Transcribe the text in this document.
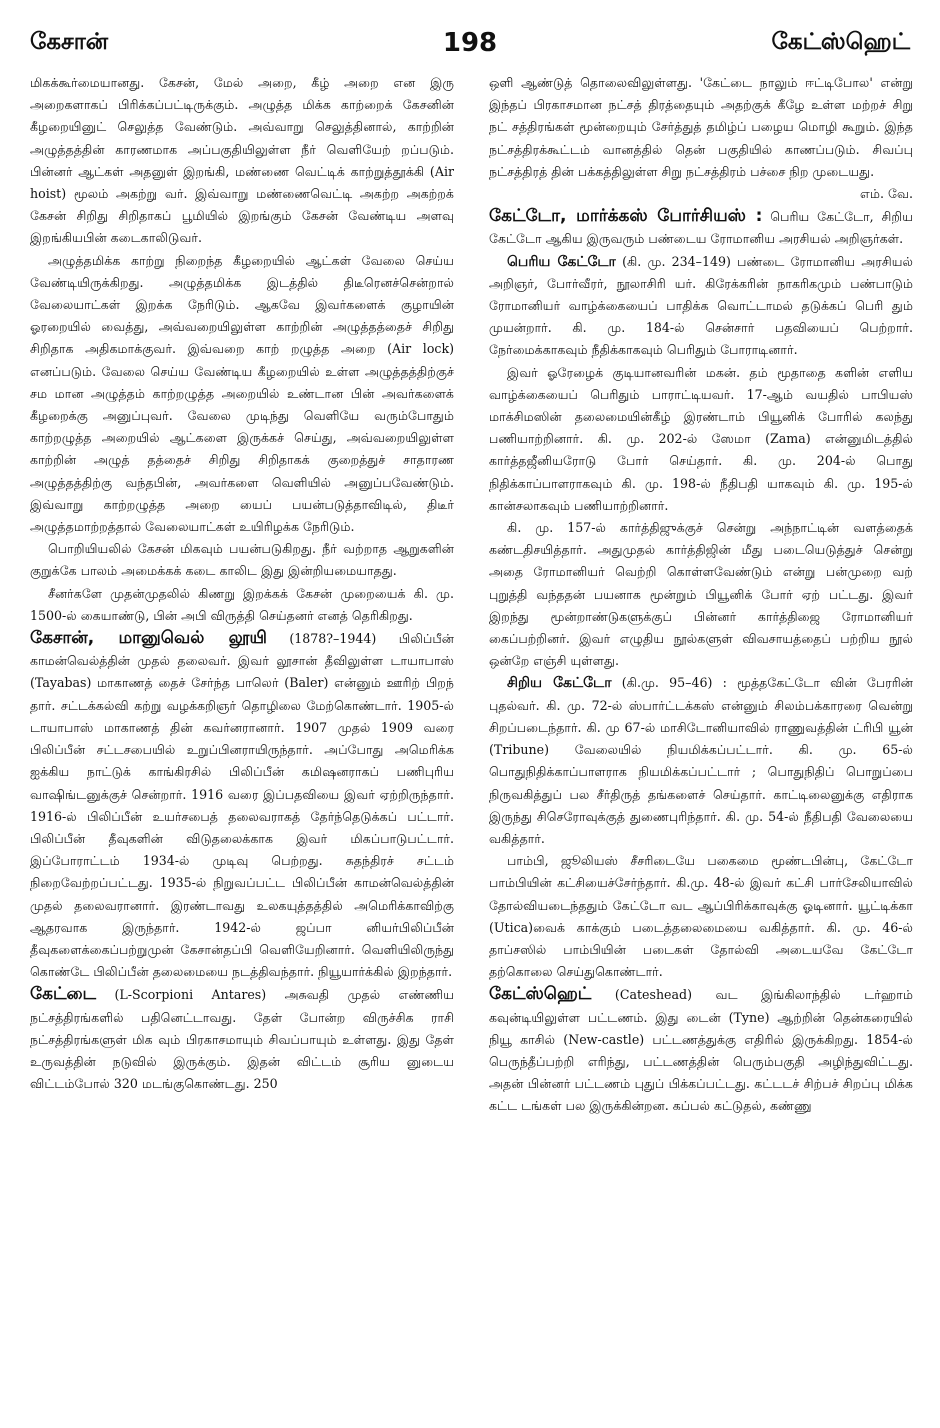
கேசான்	198	கேட்ஸ்ஹெட்

மிகக்கூர்மையானது. கேசன், மேல் அறை, கீழ் அறை என இரு அறைகளாகப் பிரிக்கப்பட்டிருக்கும். அழுத்த மிக்க காற்றைக் கேசனின் கீழறையினுட் செலுத்த வேண்டும். அவ்வாறு செலுத்தினால், காற்றின் அழுத்தத்தின் காரணமாக அப்பகுதியிலுள்ள நீர் வெளியேற் றப்படும். பின்னர் ஆட்கள் அதனுள் இறங்கி, மண்ணை வெட்டிக் காற்றுத்தூக்கி (Air hoist) மூலம் அகற்று வர். இவ்வாறு மண்ணைவெட்டி அகற்ற அகற்றக் கேசன் சிறிது சிறிதாகப் பூமியில் இறங்கும் கேசன் வேண்டிய அளவு இறங்கியபின் கடைகாலிடுவர்.

அழுத்தமிக்க காற்று நிறைந்த கீழறையில் ஆட்கள் வேலை செய்ய வேண்டியிருக்கிறது. அழுத்தமிக்க இடத்தில் திடீரெனச்சென்றால் வேலையாட்கள் இறக்க நேரிடும். ஆகவே இவர்களைக் குழாயின் ஓரறையில் வைத்து, அவ்வறையிலுள்ள காற்றின் அழுத்தத்தைச் சிறிது சிறிதாக அதிகமாக்குவர். இவ்வறை காற் றழுத்த அறை (Air lock) எனப்படும். வேலை செய்ய வேண்டிய கீழறையில் உள்ள அழுத்தத்திற்குச் சம மான அழுத்தம் காற்றழுத்த அறையில் உண்டான பின் அவர்களைக் கீழறைக்கு அனுப்புவர். வேலை முடிந்து வெளியே வரும்போதும் காற்றழுத்த அறையில் ஆட்களை இருக்கச் செய்து, அவ்வறையிலுள்ள காற்றின் அழுத் தத்தைச் சிறிது சிறிதாகக் குறைத்துச் சாதாரண அழுத்தத்திற்கு வந்தபின், அவர்களை வெளியில் அனுப்பவேண்டும். இவ்வாறு காற்றழுத்த அறை யைப் பயன்படுத்தாவிடில், திடீர் அழுத்தமாற்றத்தால் வேலையாட்கள் உயிரிழக்க நேரிடும்.

பொறியியலில் கேசன் மிகவும் பயன்படுகிறது. நீர் வற்றாத ஆறுகளின் குறுக்கே பாலம் அமைக்கக் கடை காலிட இது இன்றியமையாதது.

சீனர்களே முதன்முதலில் கிணறு இறக்கக் கேசன் முறையைக் கி. மு. 1500-ல் கையாண்டு, பின் அபி விருத்தி செய்தனர் எனத் தெரிகிறது.

கேசான், மானுவெல் லூயி (1878?–1944) பிலிப்பீன் காமன்வெல்த்தின் முதல் தலைவர். இவர் லூசான் தீவிலுள்ள டாயாபாஸ் (Tayabas) மாகாணத் தைச் சேர்ந்த பாலெர் (Baler) என்னும் ஊரிற் பிறந் தார். சட்டக்கல்வி கற்று வழக்கறிஞர் தொழிலை மேற்கொண்டார். 1905-ல் டாயாபாஸ் மாகாணத் தின் கவர்னரானார். 1907 முதல் 1909 வரை பிலிப்பீன் சட்டசபையில் உறுப்பினராயிருந்தார். அப்போது அமெரிக்க ஐக்கிய நாட்டுக் காங்கிரசில் பிலிப்பீன் கமிஷனராகப் பணிபுரிய வாஷிங்டனுக்குச் சென்றார். 1916 வரை இப்பதவியை இவர் ஏற்றிருந்தார். 1916-ல் பிலிப்பீன் உயர்சபைத் தலைவராகத் தேர்ந்தெடுக்கப் பட்டார். பிலிப்பீன் தீவுகளின் விடுதலைக்காக இவர் மிகப்பாடுபட்டார். இப்போராட்டம் 1934-ல் முடிவு பெற்றது. சுதந்திரச் சட்டம் நிறைவேற்றப்பட்டது. 1935-ல் நிறுவப்பட்ட பிலிப்பீன் காமன்வெல்த்தின் முதல் தலைவரானார். இரண்டாவது உலகயுத்தத்தில் அமெரிக்காவிற்கு ஆதரவாக இருந்தார். 1942-ல் ஜப்பா னியர்பிலிப்பீன் தீவுகளைக்கைப்பற்றுமுன் கேசான்தப்பி வெளியேறினார். வெளியிலிருந்து கொண்டே பிலிப்பீன் தலைமையை நடத்திவந்தார். நியூயார்க்கில் இறந்தார்.

கேட்டை (L-Scorpioni Antares) அசுவதி முதல் எண்ணிய நட்சத்திரங்களில் பதினெட்டாவது. தேள் போன்ற விருச்சிக ராசி நட்சத்திரங்களுள் மிக வும் பிரகாசமாயும் சிவப்பாயும் உள்ளது. இது தேள் உருவத்தின் நடுவில் இருக்கும். இதன் விட்டம் சூரிய னுடைய விட்டம்போல் 320 மடங்குகொண்டது. 250

ஒளி ஆண்டுத் தொலைவிலுள்ளது. 'கேட்டை நாலும் ஈட்டிபோல' என்று இந்தப் பிரகாசமான நட்சத் திரத்தையும் அதற்குக் கீழே உள்ள மற்றச் சிறு நட் சத்திரங்கள் மூன்றையும் சேர்த்துத் தமிழ்ப் பழைய மொழி கூறும். இந்த நட்சத்திரக்கூட்டம் வானத்தில் தென் பகுதியில் காணப்படும். சிவப்பு நட்சத்திரத் தின் பக்கத்திலுள்ள சிறு நட்சத்திரம் பச்சை நிற முடையது.

எம். வே.

கேட்டோ, மார்க்கஸ் போர்சியஸ் : பெரிய கேட்டோ, சிறிய கேட்டோ ஆகிய இருவரும் பண்டைய ரோமானிய அரசியல் அறிஞர்கள்.

பெரிய கேட்டோ (கி. மு. 234–149) பண்டை ரோமானிய அரசியல் அறிஞர், போர்வீரர், நூலாசிரி யர். கிரேக்கரின் நாகரிகமும் பண்பாடும் ரோமானியர் வாழ்க்கையைப் பாதிக்க வொட்டாமல் தடுக்கப் பெரி தும் முயன்றார். கி. மு. 184-ல் சென்சார் பதவியைப் பெற்றார். நேர்மைக்காகவும் நீதிக்காகவும் பெரிதும் போராடினார்.

இவர் ஓரேழைக் குடியானவரின் மகன். தம் மூதாதை களின் எளிய வாழ்க்கையைப் பெரிதும் பாராட்டியவர். 17-ஆம் வயதில் பாபியஸ் மாக்சிமஸின் தலைமையின்கீழ் இரண்டாம் பியூனிக் போரில் கலந்து பணியாற்றினார். கி. மு. 202-ல் ஸேமா (Zama) என்னுமிடத்தில் கார்த்தஜீனியரோடு போர் செய்தார். கி. மு. 204-ல் பொது நிதிக்காப்பாளராகவும் கி. மு. 198-ல் நீதிபதி யாகவும் கி. மு. 195-ல் கான்சலாகவும் பணியாற்றினார்.

கி. மு. 157-ல் கார்த்திஜுக்குச் சென்று அந்நாட்டின் வளத்தைக் கண்டதிசயித்தார். அதுமுதல் கார்த்திஜின் மீது படையெடுத்துச் சென்று அதை ரோமானியர் வெற்றி கொள்ளவேண்டும் என்று பன்முறை வற் புறுத்தி வந்ததன் பயனாக மூன்றும் பியூனிக் போர் ஏற் பட்டது. இவர் இறந்து மூன்றாண்டுகளுக்குப் பின்னர் கார்த்திஜை ரோமானியர் கைப்பற்றினர். இவர் எழுதிய நூல்களுள் விவசாயத்தைப் பற்றிய நூல் ஒன்றே எஞ்சி யுள்ளது.

சிறிய கேட்டோ (கி.மு. 95–46) : மூத்தகேட்டோ வின் பேரரின் புதல்வர். கி. மு. 72-ல் ஸ்பார்ட்டக்கஸ் என்னும் சிலம்பக்காரரை வென்று சிறப்படைந்தார். கி. மு 67-ல் மாசிடோனியாவில் ராணுவத்தின் ட்ரிபி யூன் (Tribune) வேலையில் நியமிக்கப்பட்டார். கி. மு. 65-ல் பொதுநிதிக்காப்பாளராக நியமிக்கப்பட்டார் ; பொதுநிதிப் பொறுப்பை நிருவகித்துப் பல சீர்திருத் தங்களைச் செய்தார். காட்டிலைனுக்கு எதிராக இருந்து சிசெரோவுக்குத் துணைபுரிந்தார். கி. மு. 54-ல் நீதிபதி வேலையை வகித்தார்.

பாம்பி, ஜூலியஸ் சீசரிடையே பகைமை மூண்டபின்பு, கேட்டோ பாம்பியின் கட்சியைச்சேர்ந்தார். கி.மு. 48-ல் இவர் கட்சி பார்சேலியாவில் தோல்வியடைந்ததும் கேட்டோ வட ஆப்பிரிக்காவுக்கு ஓடினார். யூட்டிக்கா (Utica)வைக் காக்கும் படைத்தலைமையை வகித்தார். கி. மு. 46-ல் தாப்சஸில் பாம்பியின் படைகள் தோல்வி அடையவே கேட்டோ தற்கொலை செய்துகொண்டார்.

கேட்ஸ்ஹெட் (Cateshead) வட இங்கிலாந்தில் டர்ஹாம் கவுன்டியிலுள்ள பட்டணம். இது டைன் (Tyne) ஆற்றின் தென்கரையில் நியூ காசில் (New-castle) பட்டணத்துக்கு எதிரில் இருக்கிறது. 1854-ல் பெருந்தீப்பற்றி எரிந்து, பட்டணத்தின் பெரும்பகுதி அழிந்துவிட்டது. அதன் பின்னர் பட்டணம் புதுப் பிக்கப்பட்டது. கட்டடச் சிற்பச் சிறப்பு மிக்க கட்ட டங்கள் பல இருக்கின்றன. கப்பல் கட்டுதல், கண்ணு
